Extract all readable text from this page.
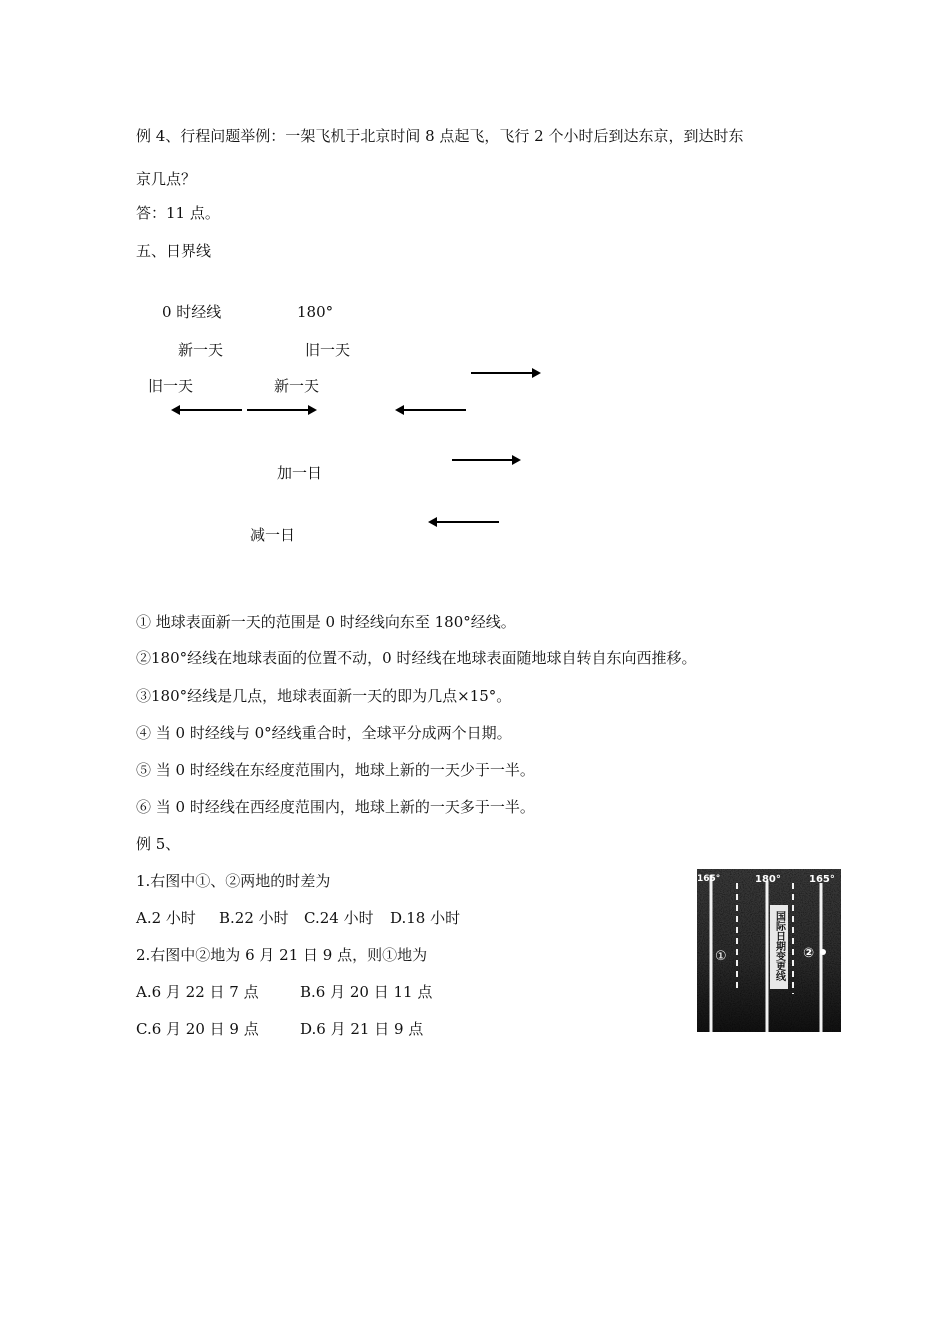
例 4、行程问题举例：一架飞机于北京时间 8 点起飞，飞行 2 个小时后到达东京，到达时东
京几点？
答：11 点。
五、日界线
0 时经线	180°
新一天	旧一天
旧一天	新一天
加一日
减一日
① 地球表面新一天的范围是 0 时经线向东至 180°经线。
②180°经线在地球表面的位置不动，0 时经线在地球表面随地球自转自东向西推移。
③180°经线是几点，地球表面新一天的即为几点×15°。
④ 当 0 时经线与 0°经线重合时，全球平分成两个日期。
⑤ 当 0 时经线在东经度范围内，地球上新的一天少于一半。
⑥ 当 0 时经线在西经度范围内，地球上新的一天多于一半。
例 5、
1.右图中①、②两地的时差为
A.2 小时 B.22 小时 C.24 小时 D.18 小时
2.右图中②地为 6 月 21 日 9 点，则①地为
A.6 月 22 日 7 点	B.6 月 20 日 11 点
C.6 月 20 日 9 点	D.6 月 21 日 9 点
165°	180°	165°
国际日期变更线
①	②
